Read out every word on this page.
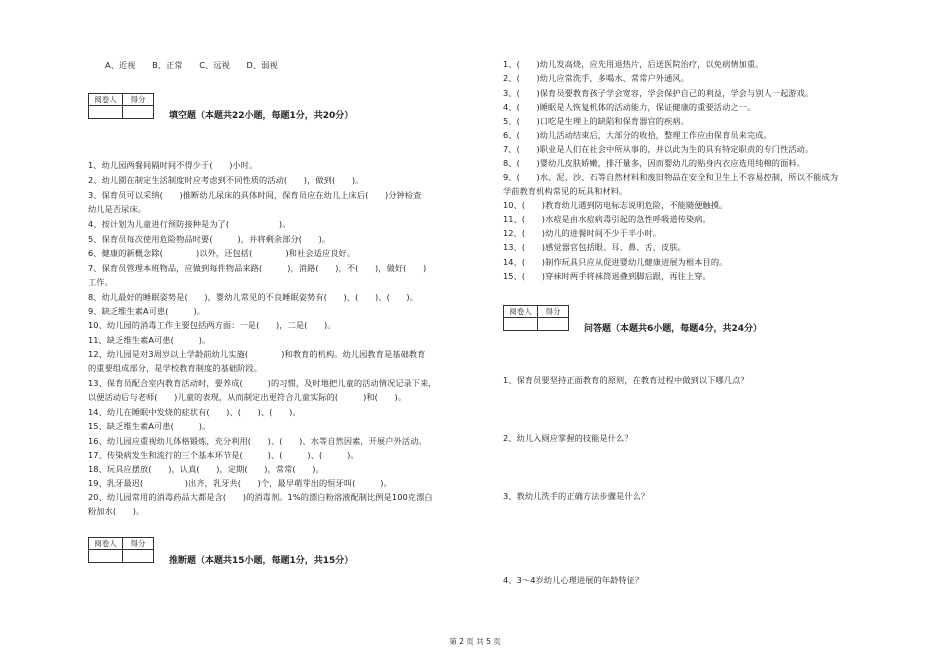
A、近视　　B、正常　　C、远视　　D、弱视
阅卷人	得分
填空题（本题共22小题，每题1分，共20分）
1、幼儿园两餐间隔时间不得少于(　　)小时。
2、幼儿園在制定生活制度时应考虑到不同性质的活动(　　)，做到(　　)。
3、保育员可以采纳(　　)推断幼儿尿床的具体时间，保育员应在幼儿上床后(　　)分钟检查
幼儿是否尿床。
4、按计划为儿童进行预防接种是为了(　　　　　　)。
5、保育员每次使用危险物品时要(　　　)，并将剩余部分(　　)。
6、健康的新概念除(　　　　)以外，还包括(　　　　)和社会适应良好。
7、保育员管理本班物品，应做到每件物品来路(　　　)，消路(　　)，不(　　)，做好(　　)
工作。
8、幼儿最好的睡眠姿势是(　　)，婴幼儿常见的不良睡眠姿势有(　　)、(　　)、(　　)。
9、缺乏维生素A可患(　　　)。
10、幼儿园的消毒工作主要包括两方面：一是(　　)，二是(　　)。
11、缺乏维生素A可患(　　　)。
12、幼儿园是对3周岁以上学龄前幼儿实施(　　　　)和教育的机构。幼儿园教育是基础教育
的重要组成部分，是学校教育制度的基础阶段。
13、保育员配合室内教育活动时，要养成(　　　)的习惯，及时地把儿童的活动情况记录下来，
以便活动后与老师(　　)儿童的表现，从而制定出更符合儿童实际的(　　　)和(　　)。
14、幼儿在睡眠中发烧的症状有(　　)、(　　)、(　　)。
15、缺乏维生素A可患(　　　)。
16、幼儿园应重视幼儿体格锻炼，充分利用(　　)、(　　)、水等自然因素，开展户外活动。
17、传染病发生和流行的三个基本环节是(　　　)、(　　　)、(　　　)。
18、玩具应摆放(　　)，认真(　　)，定期(　　)，常常(　　)。
19、乳牙最迟(　　　　　)出齐，乳牙共(　　)个，最早萌芽出的恒牙叫(　　　)。
20、幼儿园常用的消毒药品大都是含(　　)的消毒剂。1%的漂白粉溶液配制比例是100克漂白
粉加水(　　)。
阅卷人	得分
推断题（本题共15小题，每题1分，共15分）
1、(　　)幼儿发高烧，应先用退热片，后送医院治疗，以免病情加重。
2、(　　)幼儿应常洗手，多喝水、常常户外通风。
3、(　　)保育员要教育孩子学会宽容，学会保护自己的利益，学会与别人一起游戏。
4、(　　)睡眠是人恢复机体的活动能力，保证健康的重要活动之一。
5、(　　)口吃是生理上的缺陷和保育器官的疾病。
6、(　　)幼儿活动结束后，大部分的收拾，整理工作应由保育员来完成。
7、(　　)职业是人们在社会中所从事的，并以此为生的具有特定职责的专门性活动。
8、(　　)婴幼儿皮肤娇嫩，排汗量多，因而婴幼儿的贴身内衣应选用纯棉的面料。
9、(　　)水、泥、沙、石等自然材料和废旧物品在安全和卫生上不容易控制，所以不能成为
学前教育机构常见的玩具和材料。
10、(　　)教育幼儿遇到防电标志说明危险，不能随便触摸。
11、(　　)水痘是由水痘病毒引起的急性呼吸道传染病。
12、(　　)幼儿的进餐时间不少于半小时。
13、(　　)感觉器官包括眼、耳、鼻、舌、皮肤。
14、(　　)制作玩具只应从促进婴幼儿健康进展为根本目的。
15、(　　)穿袜时两手将袜筒退叠到脚后跟，再往上穿。
阅卷人	得分
问答题（本题共6小题，每题4分，共24分）
1、保育员要坚持正面教育的原则，在教育过程中做到以下哪几点？
2、幼儿入厕应掌握的技能是什么？
3、教幼儿洗手的正确方法步骤是什么？
4、3～4岁幼儿心理进展的年龄特征？
第 2 页 共 5 页
